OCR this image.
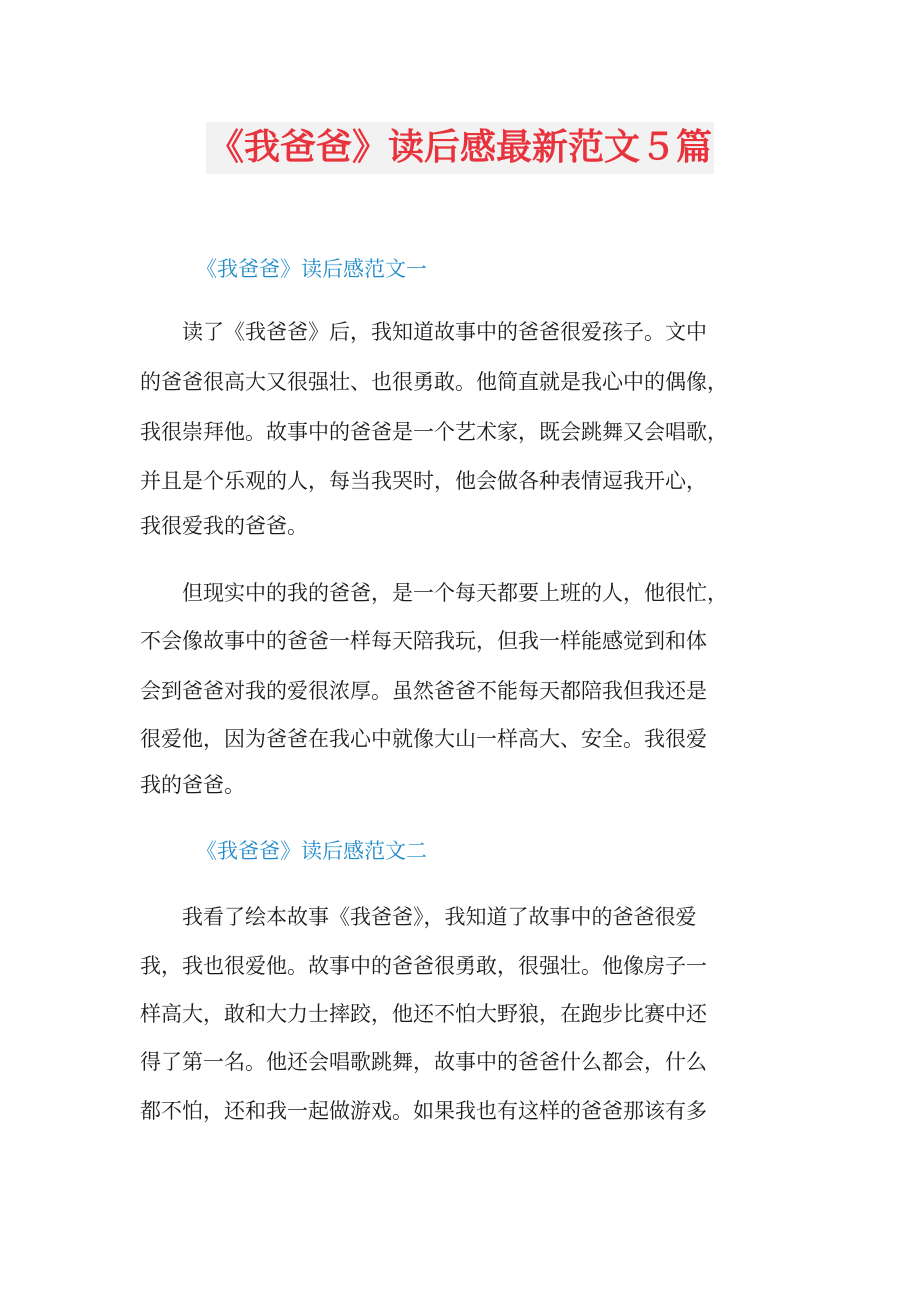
《我爸爸》读后感最新范文５篇
《我爸爸》读后感范文一
　　读了《我爸爸》后，我知道故事中的爸爸很爱孩子。文中
的爸爸很高大又很强壮、也很勇敢。他简直就是我心中的偶像，
我很崇拜他。故事中的爸爸是一个艺术家，既会跳舞又会唱歌，
并且是个乐观的人，每当我哭时，他会做各种表情逗我开心，
我很爱我的爸爸。
　　但现实中的我的爸爸，是一个每天都要上班的人，他很忙，
不会像故事中的爸爸一样每天陪我玩，但我一样能感觉到和体
会到爸爸对我的爱很浓厚。虽然爸爸不能每天都陪我但我还是
很爱他，因为爸爸在我心中就像大山一样高大、安全。我很爱
我的爸爸。
《我爸爸》读后感范文二
　　我看了绘本故事《我爸爸》，我知道了故事中的爸爸很爱
我，我也很爱他。故事中的爸爸很勇敢，很强壮。他像房子一
样高大，敢和大力士摔跤，他还不怕大野狼，在跑步比赛中还
得了第一名。他还会唱歌跳舞，故事中的爸爸什么都会，什么
都不怕，还和我一起做游戏。如果我也有这样的爸爸那该有多
